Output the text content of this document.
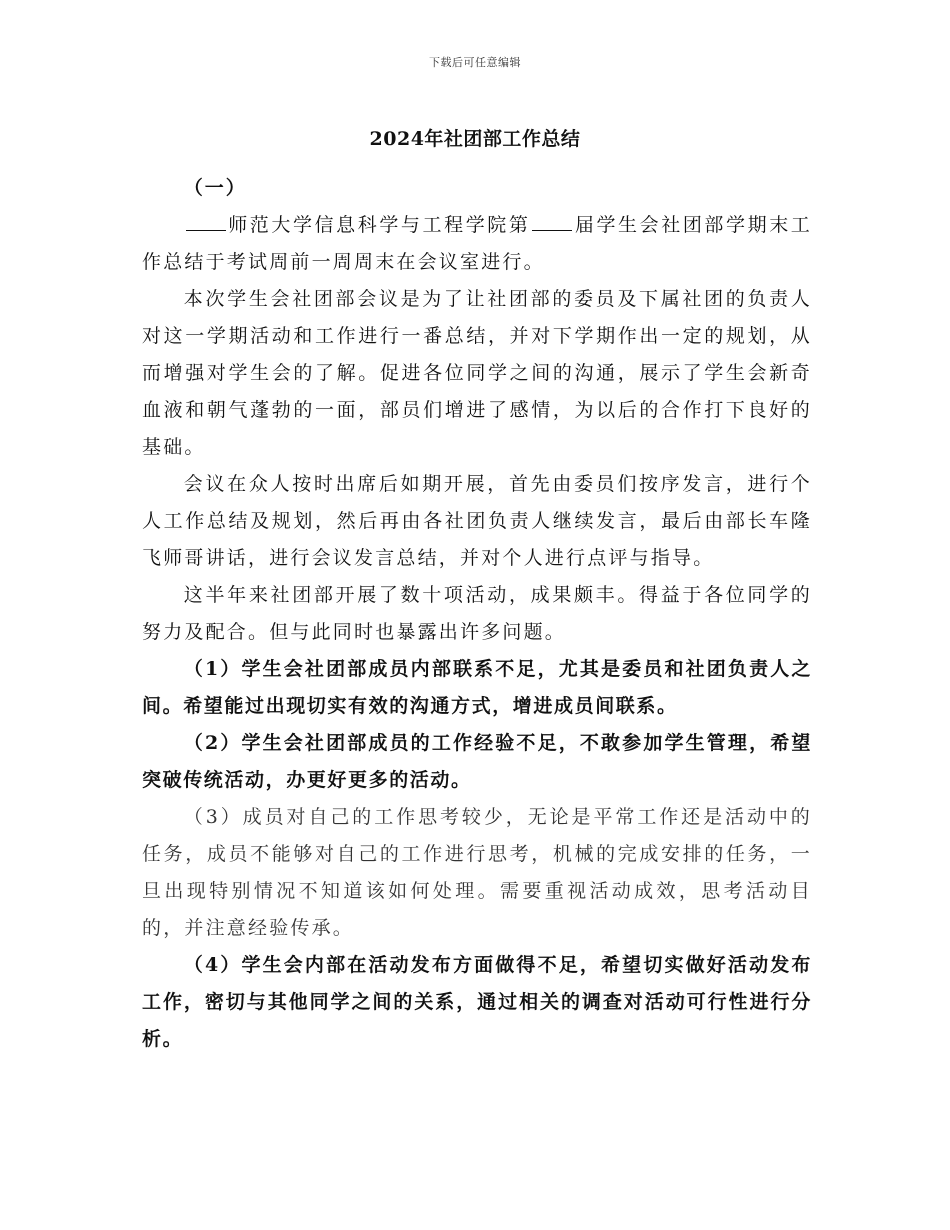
下载后可任意编辑
2024年社团部工作总结

（一）

师范大学信息科学与工程学院第 届学生会社团部学期末工作总结于考试周前一周周末在会议室进行。

本次学生会社团部会议是为了让社团部的委员及下属社团的负责人对这一学期活动和工作进行一番总结，并对下学期作出一定的规划，从而增强对学生会的了解。促进各位同学之间的沟通，展示了学生会新奇血液和朝气蓬勃的一面，部员们增进了感情，为以后的合作打下良好的基础。

会议在众人按时出席后如期开展，首先由委员们按序发言，进行个人工作总结及规划，然后再由各社团负责人继续发言，最后由部长车隆飞师哥讲话，进行会议发言总结，并对个人进行点评与指导。

这半年来社团部开展了数十项活动，成果颇丰。得益于各位同学的努力及配合。但与此同时也暴露出许多问题。

（1）学生会社团部成员内部联系不足，尤其是委员和社团负责人之间。希望能过出现切实有效的沟通方式，增进成员间联系。

（2）学生会社团部成员的工作经验不足，不敢参加学生管理，希望突破传统活动，办更好更多的活动。

（3）成员对自己的工作思考较少，无论是平常工作还是活动中的任务，成员不能够对自己的工作进行思考，机械的完成安排的任务，一旦出现特别情况不知道该如何处理。需要重视活动成效，思考活动目的，并注意经验传承。

（4）学生会内部在活动发布方面做得不足，希望切实做好活动发布工作，密切与其他同学之间的关系，通过相关的调查对活动可行性进行分析。
